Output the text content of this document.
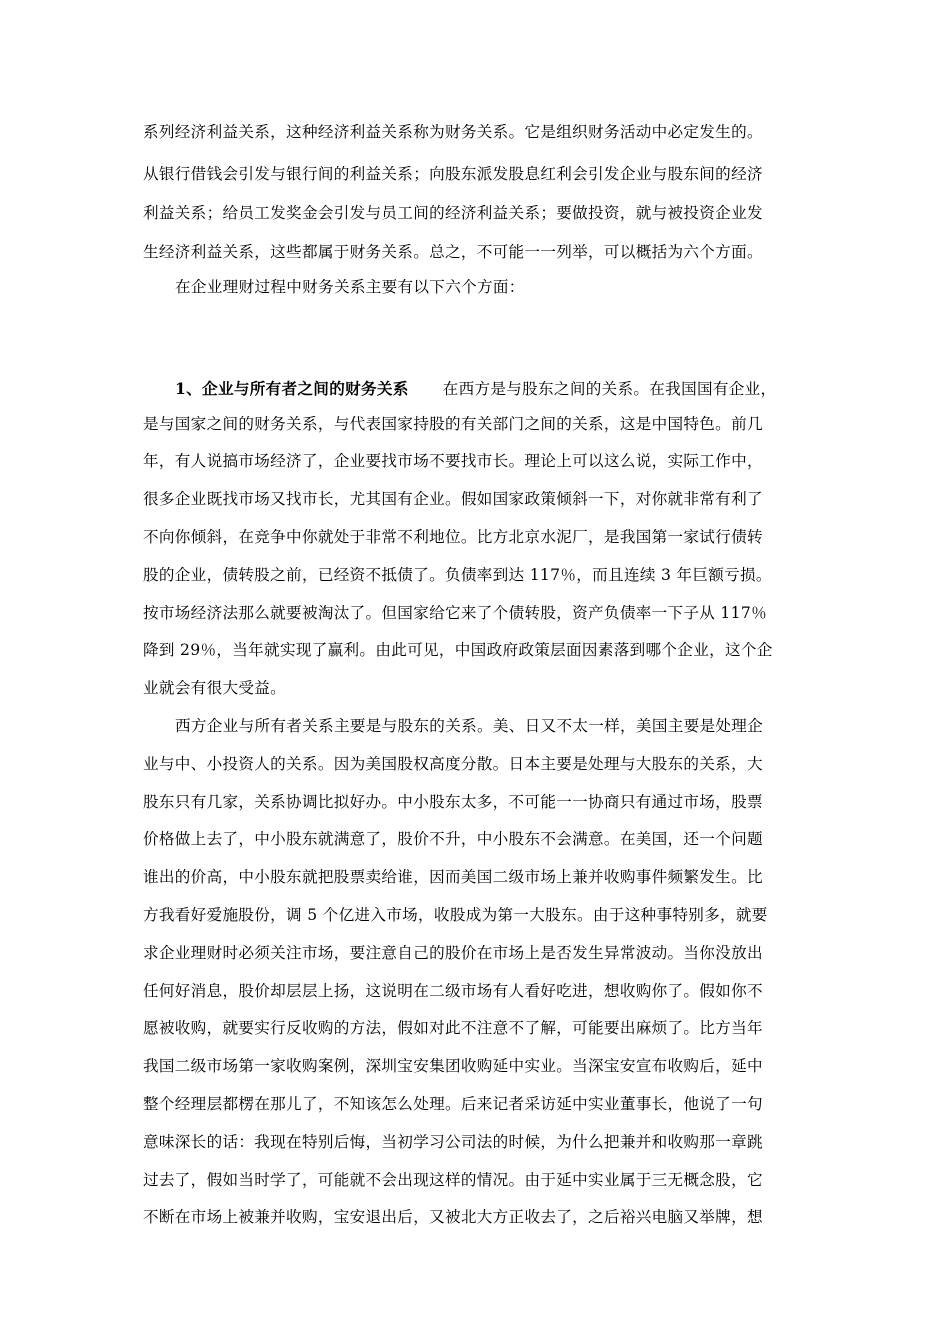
系列经济利益关系，这种经济利益关系称为财务关系。它是组织财务活动中必定发生的。
从银行借钱会引发与银行间的利益关系；向股东派发股息红利会引发企业与股东间的经济
利益关系；给员工发奖金会引发与员工间的经济利益关系；要做投资，就与被投资企业发
生经济利益关系，这些都属于财务关系。总之，不可能一一列举，可以概括为六个方面。
在企业理财过程中财务关系主要有以下六个方面：
1、企业与所有者之间的财务关系 在西方是与股东之间的关系。在我国国有企业，
是与国家之间的财务关系，与代表国家持股的有关部门之间的关系，这是中国特色。前几
年，有人说搞市场经济了，企业要找市场不要找市长。理论上可以这么说，实际工作中，
很多企业既找市场又找市长，尤其国有企业。假如国家政策倾斜一下，对你就非常有利了
不向你倾斜，在竞争中你就处于非常不利地位。比方北京水泥厂，是我国第一家试行债转
股的企业，债转股之前，已经资不抵债了。负债率到达 117％，而且连续 3 年巨额亏损。
按市场经济法那么就要被淘汰了。但国家给它来了个债转股，资产负债率一下子从 117％
降到 29％，当年就实现了赢利。由此可见，中国政府政策层面因素落到哪个企业，这个企
业就会有很大受益。
西方企业与所有者关系主要是与股东的关系。美、日又不太一样，美国主要是处理企
业与中、小投资人的关系。因为美国股权高度分散。日本主要是处理与大股东的关系，大
股东只有几家，关系协调比拟好办。中小股东太多，不可能一一协商只有通过市场，股票
价格做上去了，中小股东就满意了，股价不升，中小股东不会满意。在美国，还一个问题
谁出的价高，中小股东就把股票卖给谁，因而美国二级市场上兼并收购事件频繁发生。比
方我看好爱施股份，调 5 个亿进入市场，收股成为第一大股东。由于这种事特别多，就要
求企业理财时必须关注市场，要注意自己的股价在市场上是否发生异常波动。当你没放出
任何好消息，股价却层层上扬，这说明在二级市场有人看好吃进，想收购你了。假如你不
愿被收购，就要实行反收购的方法，假如对此不注意不了解，可能要出麻烦了。比方当年
我国二级市场第一家收购案例，深圳宝安集团收购延中实业。当深宝安宣布收购后，延中
整个经理层都楞在那儿了，不知该怎么处理。后来记者采访延中实业董事长，他说了一句
意味深长的话：我现在特别后悔，当初学习公司法的时候，为什么把兼并和收购那一章跳
过去了，假如当时学了，可能就不会出现这样的情况。由于延中实业属于三无概念股，它
不断在市场上被兼并收购，宝安退出后，又被北大方正收去了，之后裕兴电脑又举牌，想
